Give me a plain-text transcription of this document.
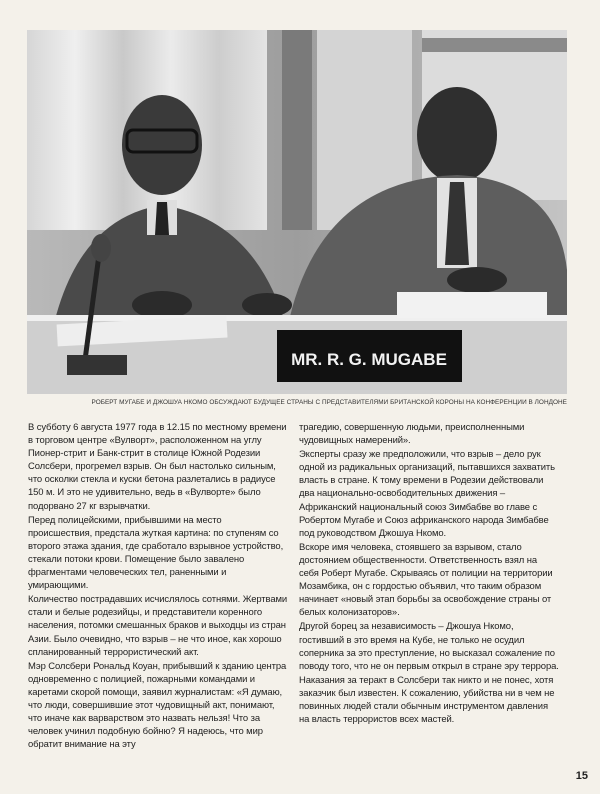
MR. R. G. MUGABE
РОБЕРТ МУГАБЕ И ДЖОШУА НКОМО ОБСУЖДАЮТ БУДУЩЕЕ СТРАНЫ С ПРЕДСТАВИТЕЛЯМИ БРИТАНСКОЙ КОРОНЫ НА КОНФЕРЕНЦИИ В ЛОНДОНЕ

В субботу 6 августа 1977 года в 12.15 по местному времени в торговом центре «Вулворт», расположенном на углу Пионер-стрит и Банк-стрит в столице Южной Родезии Солсбери, прогремел взрыв. Он был настолько сильным, что осколки стекла и куски бетона разлетались в радиусе 150 м. И это не удивительно, ведь в «Вулворте» было подорвано 27 кг взрывчатки.

Перед полицейскими, прибывшими на место происшествия, предстала жуткая картина: по ступеням со второго этажа здания, где сработало взрывное устройство, стекали потоки крови. Помещение было завалено фрагментами человеческих тел, раненными и умирающими.

Количество пострадавших исчислялось сотнями. Жертвами стали и белые родезийцы, и представители коренного населения, потомки смешанных браков и выходцы из стран Азии. Было очевидно, что взрыв – не что иное, как хорошо спланированный террористический акт.

Мэр Солсбери Рональд Коуан, прибывший к зданию центра одновременно с полицией, пожарными командами и каретами скорой помощи, заявил журналистам: «Я думаю, что люди, совершившие этот чудовищный акт, понимают, что иначе как варварством это назвать нельзя! Что за человек учинил подобную бойню? Я надеюсь, что мир обратит внимание на эту

трагедию, совершенную людьми, преисполненными чудовищных намерений».

Эксперты сразу же предположили, что взрыв – дело рук одной из радикальных организаций, пытавшихся захватить власть в стране. К тому времени в Родезии действовали два национально-освободительных движения – Африканский национальный союз Зимбабве во главе с Робертом Мугабе и Союз африканского народа Зимбабве под руководством Джошуа Нкомо.

Вскоре имя человека, стоявшего за взрывом, стало достоянием общественности. Ответственность взял на себя Роберт Мугабе. Скрываясь от полиции на территории Мозамбика, он с гордостью объявил, что таким образом начинает «новый этап борьбы за освобождение страны от белых колонизаторов».

Другой борец за независимость – Джошуа Нкомо, гостивший в это время на Кубе, не только не осудил соперника за это преступление, но высказал сожаление по поводу того, что не он первым открыл в стране эру террора.

Наказания за теракт в Солсбери так никто и не понес, хотя заказчик был известен. К сожалению, убийства ни в чем не повинных людей стали обычным инструментом давления на власть террористов всех мастей.

15
